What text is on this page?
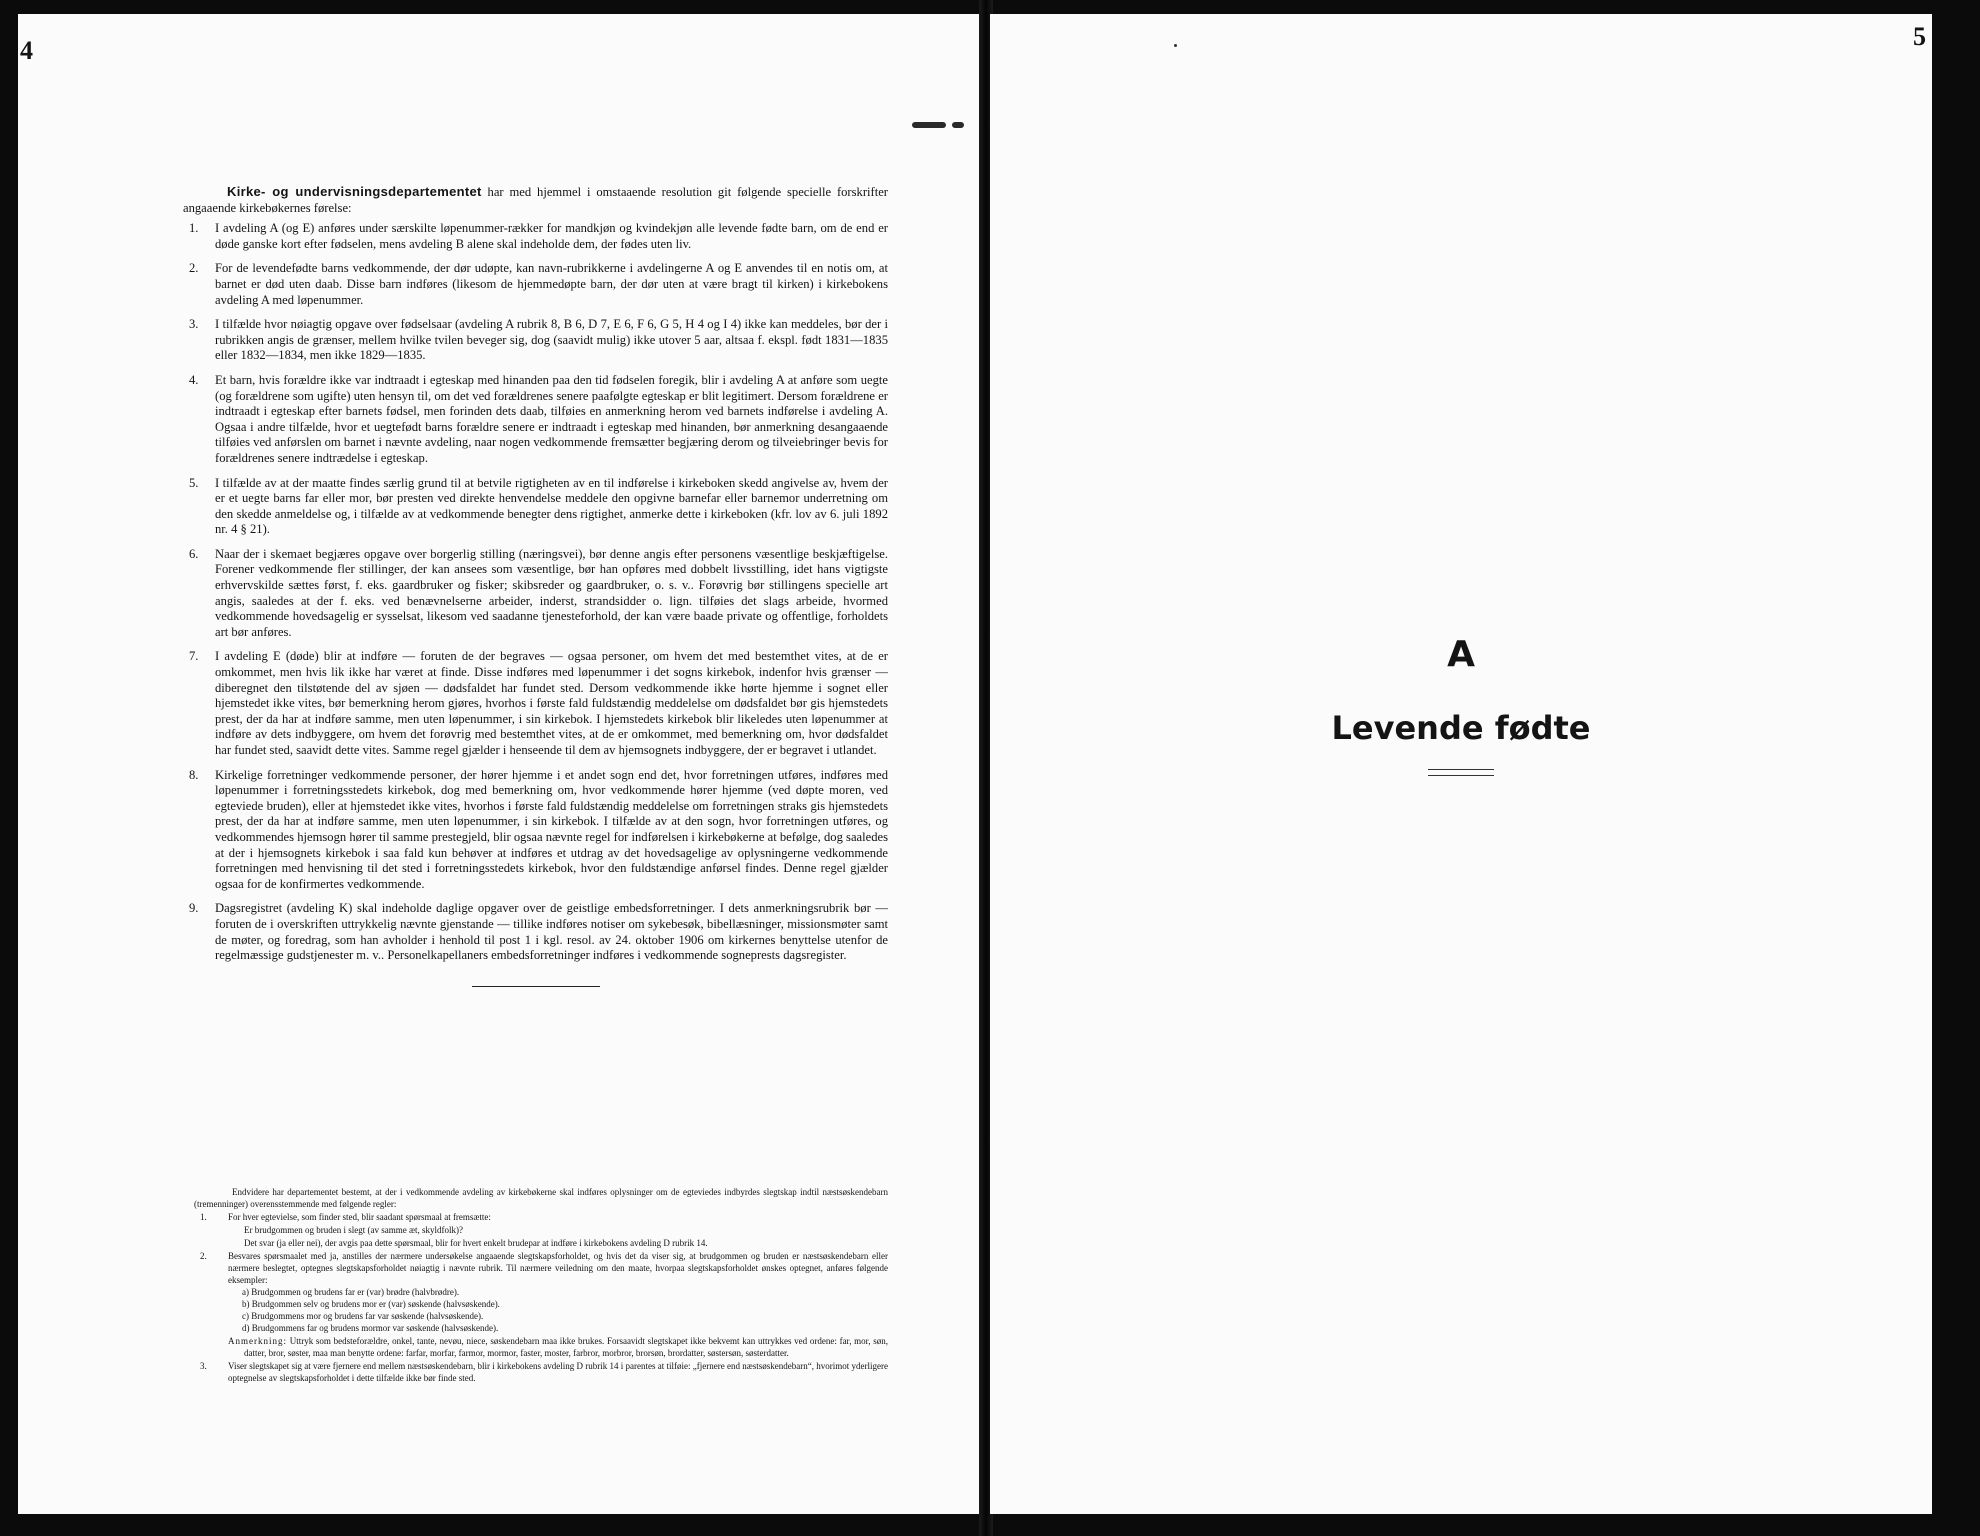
4

Kirke- og undervisningsdepartementet har med hjemmel i omstaaende resolution git følgende specielle forskrifter angaaende kirkebøkernes førelse:

1. I avdeling A (og E) anføres under særskilte løpenummer-rækker for mandkjøn og kvindekjøn alle levende fødte barn, om de end er døde ganske kort efter fødselen, mens avdeling B alene skal indeholde dem, der fødes uten liv.
2. For de levendefødte barns vedkommende, der dør udøpte, kan navn-rubrikkerne i avdelingerne A og E anvendes til en notis om, at barnet er død uten daab. Disse barn indføres (likesom de hjemmedøpte barn, der dør uten at være bragt til kirken) i kirkebokens avdeling A med løpenummer.
3. I tilfælde hvor nøiagtig opgave over fødselsaar (avdeling A rubrik 8, B 6, D 7, E 6, F 6, G 5, H 4 og I 4) ikke kan meddeles, bør der i rubrikken angis de grænser, mellem hvilke tvilen beveger sig, dog (saavidt mulig) ikke utover 5 aar, altsaa f. ekspl. født 1831—1835 eller 1832—1834, men ikke 1829—1835.
4. Et barn, hvis forældre ikke var indtraadt i egteskap med hinanden paa den tid fødselen foregik, blir i avdeling A at anføre som uegte (og forældrene som ugifte) uten hensyn til, om det ved forældrenes senere paafølgte egteskap er blit legitimert. Dersom forældrene er indtraadt i egteskap efter barnets fødsel, men forinden dets daab, tilføies en anmerkning herom ved barnets indførelse i avdeling A. Ogsaa i andre tilfælde, hvor et uegtefødt barns forældre senere er indtraadt i egteskap med hinanden, bør anmerkning desangaaende tilføies ved anførslen om barnet i nævnte avdeling, naar nogen vedkommende fremsætter begjæring derom og tilveiebringer bevis for forældrenes senere indtrædelse i egteskap.
5. I tilfælde av at der maatte findes særlig grund til at betvile rigtigheten av en til indførelse i kirkeboken skedd angivelse av, hvem der er et uegte barns far eller mor, bør presten ved direkte henvendelse meddele den opgivne barnefar eller barnemor underretning om den skedde anmeldelse og, i tilfælde av at vedkommende benegter dens rigtighet, anmerke dette i kirkeboken (kfr. lov av 6. juli 1892 nr. 4 § 21).
6. Naar der i skemaet begjæres opgave over borgerlig stilling (næringsvei), bør denne angis efter personens væsentlige beskjæftigelse. Forener vedkommende fler stillinger, der kan ansees som væsentlige, bør han opføres med dobbelt livsstilling, idet hans vigtigste erhvervskilde sættes først, f. eks. gaardbruker og fisker; skibsreder og gaardbruker, o. s. v.. Forøvrig bør stillingens specielle art angis, saaledes at der f. eks. ved benævnelserne arbeider, inderst, strandsidder o. lign. tilføies det slags arbeide, hvormed vedkommende hovedsagelig er sysselsat, likesom ved saadanne tjenesteforhold, der kan være baade private og offentlige, forholdets art bør anføres.
7. I avdeling E (døde) blir at indføre — foruten de der begraves — ogsaa personer, om hvem det med bestemthet vites, at de er omkommet, men hvis lik ikke har været at finde. Disse indføres med løpenummer i det sogns kirkebok, indenfor hvis grænser — diberegnet den tilstøtende del av sjøen — dødsfaldet har fundet sted. Dersom vedkommende ikke hørte hjemme i sognet eller hjemstedet ikke vites, bør bemerkning herom gjøres, hvorhos i første fald fuldstændig meddelelse om dødsfaldet bør gis hjemstedets prest, der da har at indføre samme, men uten løpenummer, i sin kirkebok. I hjemstedets kirkebok blir likeledes uten løpenummer at indføre av dets indbyggere, om hvem det forøvrig med bestemthet vites, at de er omkommet, med bemerkning om, hvor dødsfaldet har fundet sted, saavidt dette vites. Samme regel gjælder i henseende til dem av hjemsognets indbyggere, der er begravet i utlandet.
8. Kirkelige forretninger vedkommende personer, der hører hjemme i et andet sogn end det, hvor forretningen utføres, indføres med løpenummer i forretningsstedets kirkebok, dog med bemerkning om, hvor vedkommende hører hjemme (ved døpte moren, ved egteviede bruden), eller at hjemstedet ikke vites, hvorhos i første fald fuldstændig meddelelse om forretningen straks gis hjemstedets prest, der da har at indføre samme, men uten løpenummer, i sin kirkebok. I tilfælde av at den sogn, hvor forretningen utføres, og vedkommendes hjemsogn hører til samme prestegjeld, blir ogsaa nævnte regel for indførelsen i kirkebøkerne at befølge, dog saaledes at der i hjemsognets kirkebok i saa fald kun behøver at indføres et utdrag av det hovedsagelige av oplysningerne vedkommende forretningen med henvisning til det sted i forretningsstedets kirkebok, hvor den fuldstændige anførsel findes. Denne regel gjælder ogsaa for de konfirmertes vedkommende.
9. Dagsregistret (avdeling K) skal indeholde daglige opgaver over de geistlige embedsforretninger. I dets anmerkningsrubrik bør — foruten de i overskriften uttrykkelig nævnte gjenstande — tillike indføres notiser om sykebesøk, bibellæsninger, missionsmøter samt de møter, og foredrag, som han avholder i henhold til post 1 i kgl. resol. av 24. oktober 1906 om kirkernes benyttelse utenfor de regelmæssige gudstjenester m. v.. Personelkapellaners embedsforretninger indføres i vedkommende sogneprests dagsregister.

Endvidere har departementet bestemt, at der i vedkommende avdeling av kirkebøkerne skal indføres oplysninger om de egteviedes indbyrdes slegtskap indtil næstsøskendebarn (tremenninger) overensstemmende med følgende regler:

1. For hver egtevielse, som finder sted, blir saadant spørsmaal at fremsætte:

Er brudgommen og bruden i slegt (av samme æt, skyldfolk)?

Det svar (ja eller nei), der avgis paa dette spørsmaal, blir for hvert enkelt brudepar at indføre i kirkebokens avdeling D rubrik 14.

2. Besvares spørsmaalet med ja, anstilles der nærmere undersøkelse angaaende slegtskapsforholdet, og hvis det da viser sig, at brudgommen og bruden er næstsøskendebarn eller nærmere beslegtet, optegnes slegtskapsforholdet nøiagtig i nævnte rubrik. Til nærmere veiledning om den maate, hvorpaa slegtskapsforholdet ønskes optegnet, anføres følgende eksempler:

a) Brudgommen og brudens far er (var) brødre (halvbrødre).

b) Brudgommen selv og brudens mor er (var) søskende (halvsøskende).

c) Brudgommens mor og brudens far var søskende (halvsøskende).

d) Brudgommens far og brudens mormor var søskende (halvsøskende).

Anmerkning: Uttryk som bedsteforældre, onkel, tante, nevøu, niece, søskendebarn maa ikke brukes. Forsaavidt slegtskapet ikke bekvemt kan uttrykkes ved ordene: far, mor, søn, datter, bror, søster, maa man benytte ordene: farfar, morfar, farmor, mormor, faster, moster, farbror, morbror, brorsøn, brordatter, søstersøn, søsterdatter.

3. Viser slegtskapet sig at være fjernere end mellem næstsøskendebarn, blir i kirkebokens avdeling D rubrik 14 i parentes at tilføie: „fjernere end næstsøskendebarn“, hvorimot yderligere optegnelse av slegtskapsforholdet i dette tilfælde ikke bør finde sted.

5
A
Levende fødte
